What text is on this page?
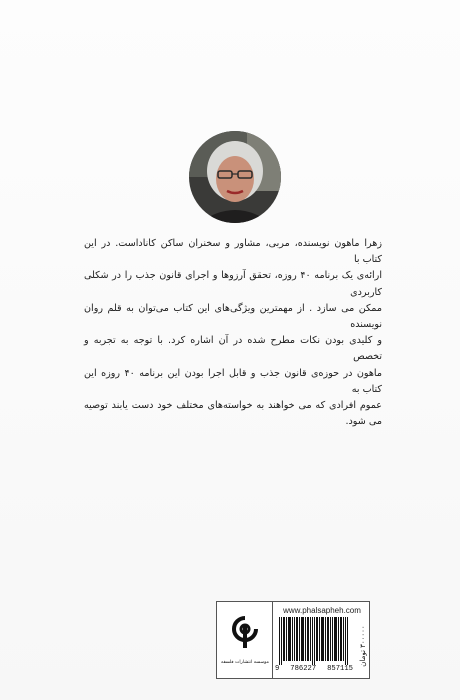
زهرا ماهون نویسنده، مربی، مشاور و سخنران ساکن کاناداست. در این کتاب با

ارائه‌ی یک برنامه ۴۰ روزه، تحقق آرزوها و اجرای قانون جذب را در شکلی کاربردی

ممکن می سازد . از مهمترین ویژگی‌های این کتاب می‌توان به قلم روان نویسنده

و کلیدی بودن نکات مطرح شده در آن اشاره کرد. با توجه به تجربه و تخصص

ماهون در حوزه‌ی قانون جذب و قابل اجرا بودن این برنامه ۴۰ روزه این کتاب به

عموم افرادی که می خواهند به خواسته‌های مختلف خود دست یابند توصیه می شود.

موسسه انتشارات فلسفه
www.phalsapheh.com
9 786227 857115
۳۰۰۰۰۰ تومان
